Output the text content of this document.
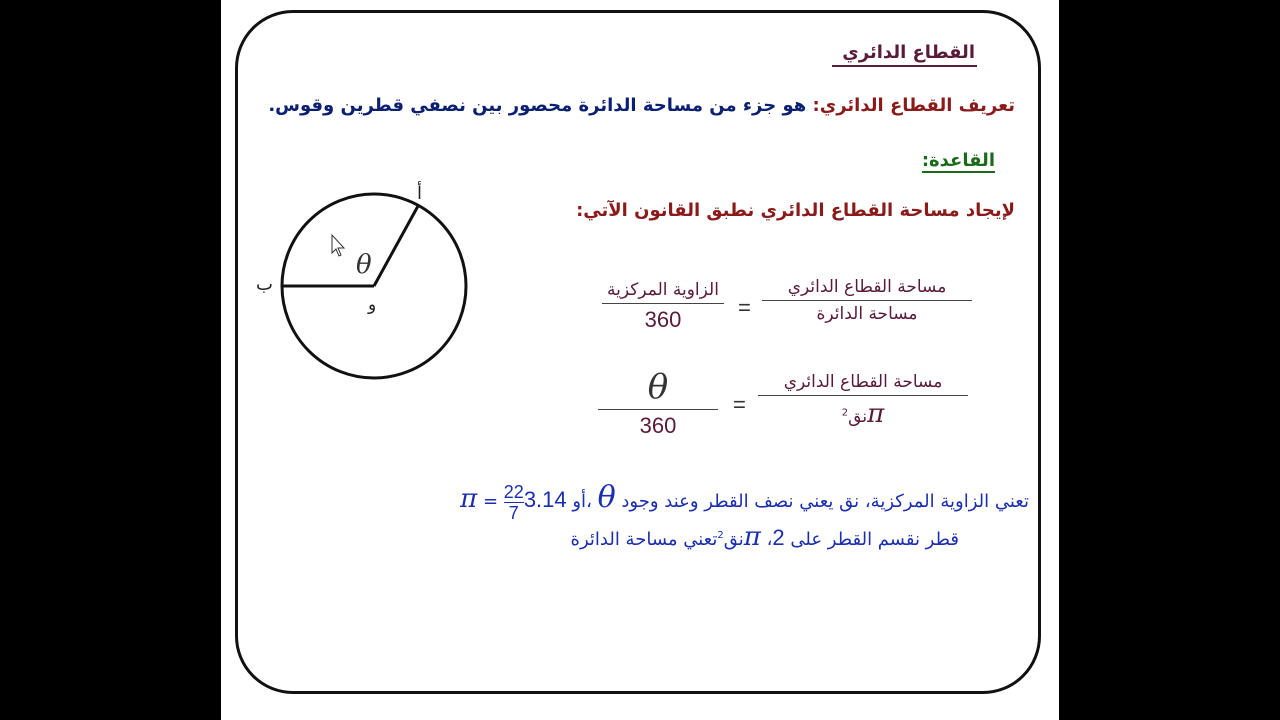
القطاع الدائري
تعريف القطاع الدائري: هو جزء من مساحة الدائرة محصور بين نصفي قطرين وقوس.
القاعدة:
لإيجاد مساحة القطاع الدائري نطبق القانون الآتي:
أ
ب
و
θ
مساحة القطاع الدائري
مساحة الدائرة
=
الزاوية المركزية
360
مساحة القطاع الدائري
πنق$^2$
=
θ
360
$\pi = \frac{22}{7}$ أو 3.14 ، θ تعني الزاوية المركزية، نق يعني نصف القطر وعند وجود
قطر نقسم القطر على 2، πنق$^2$تعني مساحة الدائرة
